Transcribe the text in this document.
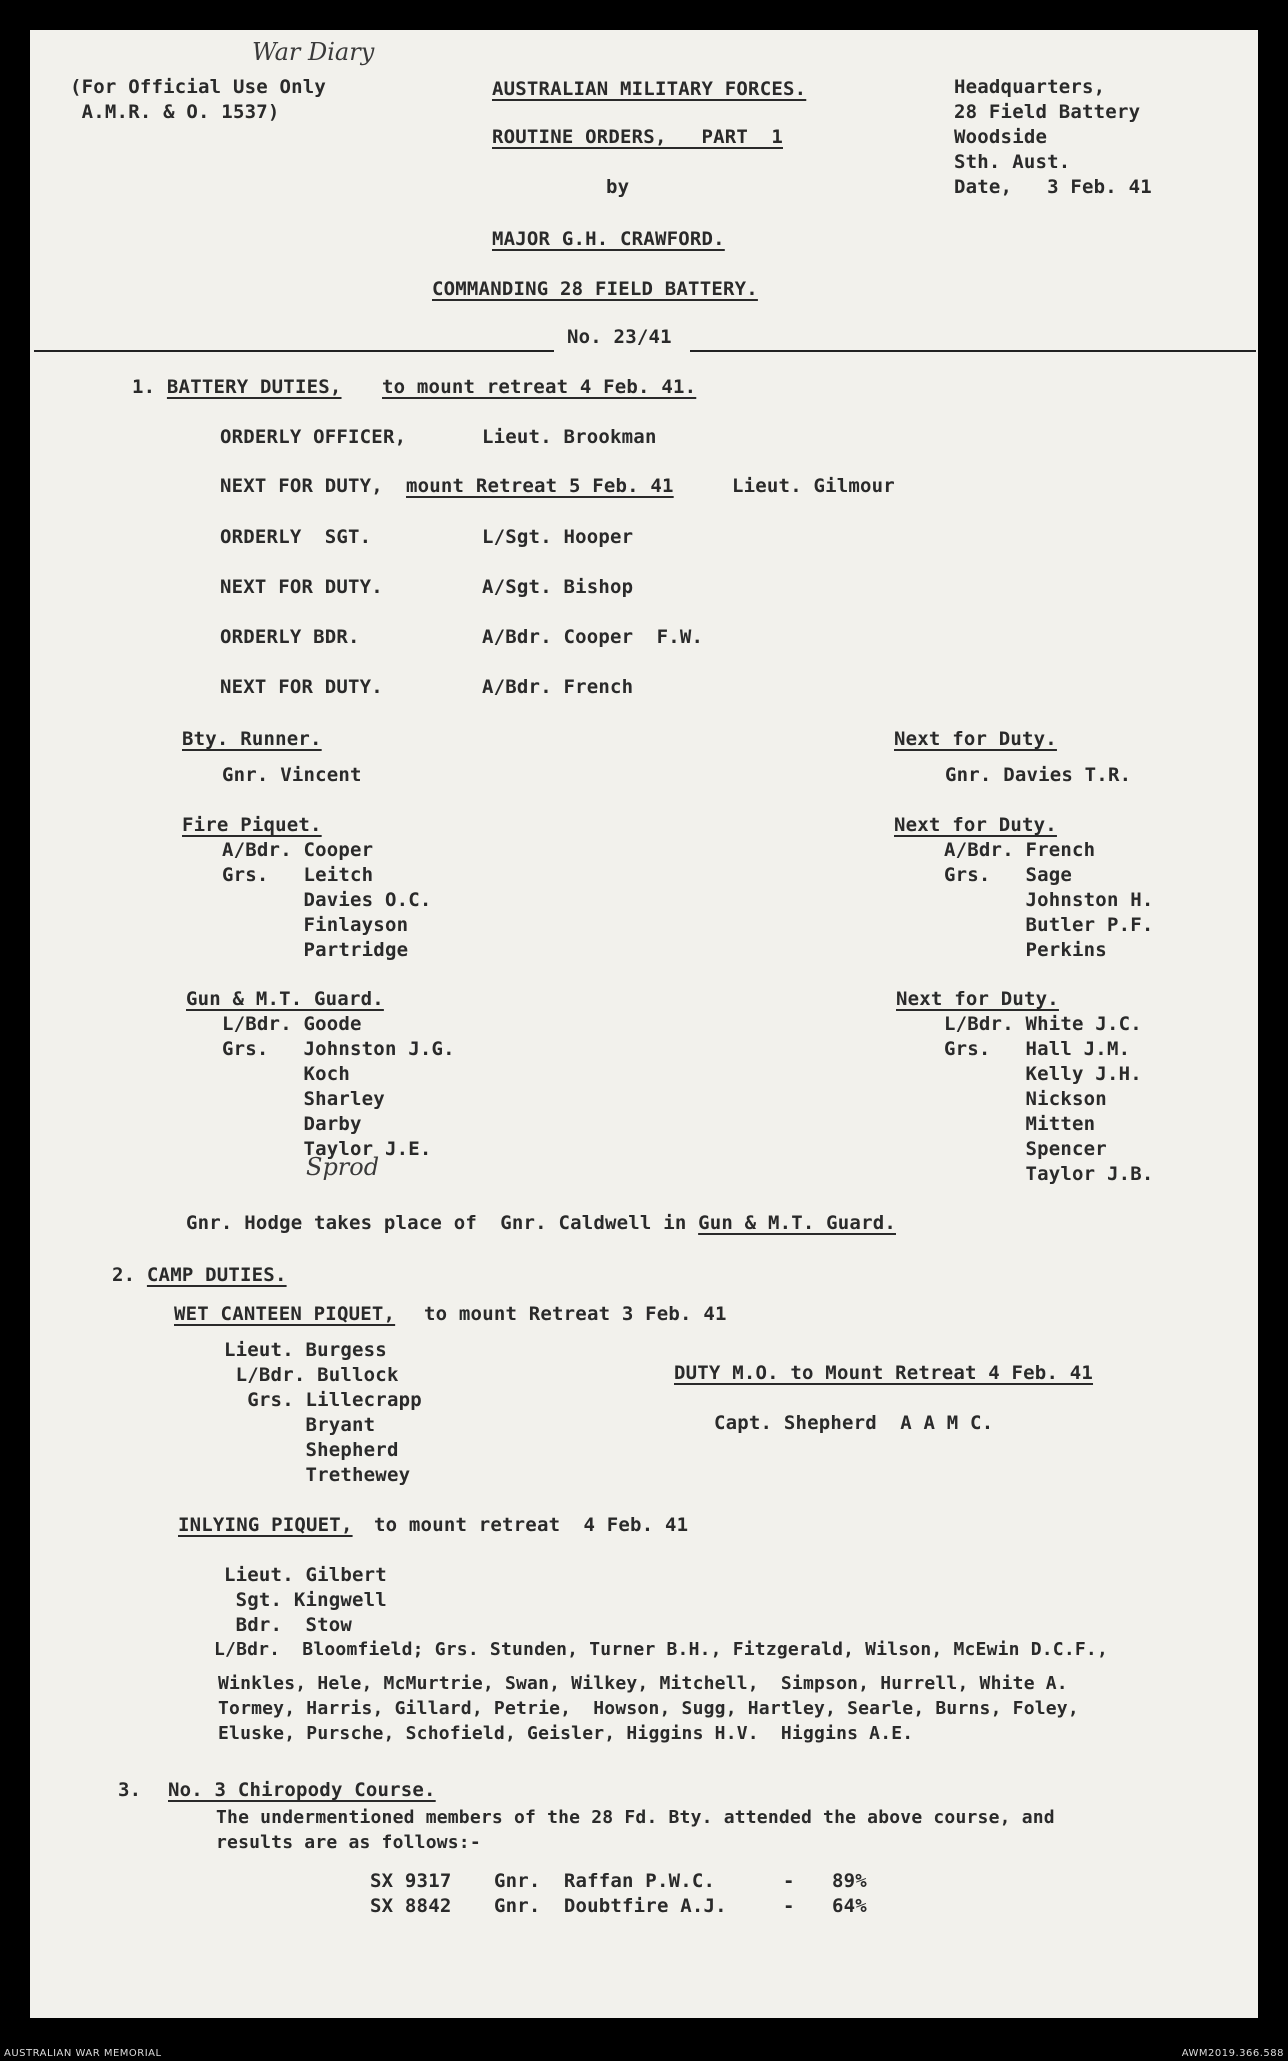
War Diary
Sprod
(For Official Use Only
A.M.R. & O. 1537)
AUSTRALIAN MILITARY FORCES.
ROUTINE ORDERS,   PART  1
by
MAJOR G.H. CRAWFORD.
COMMANDING 28 FIELD BATTERY.
No. 23/41
Headquarters,
28 Field Battery
Woodside
Sth. Aust.
Date,   3 Feb. 41
1. BATTERY DUTIES, to mount retreat 4 Feb. 41.
ORDERLY OFFICER,	Lieut. Brookman
NEXT FOR DUTY, mount Retreat 5 Feb. 41	Lieut. Gilmour
ORDERLY  SGT.	L/Sgt. Hooper
NEXT FOR DUTY.	A/Sgt. Bishop
ORDERLY BDR.	A/Bdr. Cooper  F.W.
NEXT FOR DUTY.	A/Bdr. French
Bty. Runner.
Gnr. Vincent
Next for Duty.
Gnr. Davies T.R.
Fire Piquet.
A/Bdr. Cooper
Grs.   Leitch
Davies O.C.
Finlayson
Partridge
Next for Duty.
A/Bdr. French
Grs.   Sage
Johnston H.
Butler P.F.
Perkins
Gun & M.T. Guard.
L/Bdr. Goode
Grs.   Johnston J.G.
Koch
Sharley
Darby
Taylor J.E.
Next for Duty.
L/Bdr. White J.C.
Grs.   Hall J.M.
Kelly J.H.
Nickson
Mitten
Spencer
Taylor J.B.
Gnr. Hodge takes place of  Gnr. Caldwell in Gun & M.T. Guard.
2. CAMP DUTIES.
WET CANTEEN PIQUET, to mount Retreat 3 Feb. 41
Lieut. Burgess
L/Bdr. Bullock
Grs. Lillecrapp
Bryant
Shepherd
Trethewey
DUTY M.O. to Mount Retreat 4 Feb. 41
Capt. Shepherd  A A M C.
INLYING PIQUET, to mount retreat  4 Feb. 41
Lieut. Gilbert
Sgt. Kingwell
Bdr.  Stow
L/Bdr.  Bloomfield; Grs. Stunden, Turner B.H., Fitzgerald, Wilson, McEwin D.C.F.,
Winkles, Hele, McMurtrie, Swan, Wilkey, Mitchell,  Simpson, Hurrell, White A.
Tormey, Harris, Gillard, Petrie,  Howson, Sugg, Hartley, Searle, Burns, Foley,
Eluske, Pursche, Schofield, Geisler, Higgins H.V.  Higgins A.E.
3. No. 3 Chiropody Course.
The undermentioned members of the 28 Fd. Bty. attended the above course, and
results are as follows:-
SX 9317 Gnr.  Raffan P.W.C.	- 89%
SX 8842 Gnr.  Doubtfire A.J.	- 64%
AUSTRALIAN WAR MEMORIAL	AWM2019.366.588
